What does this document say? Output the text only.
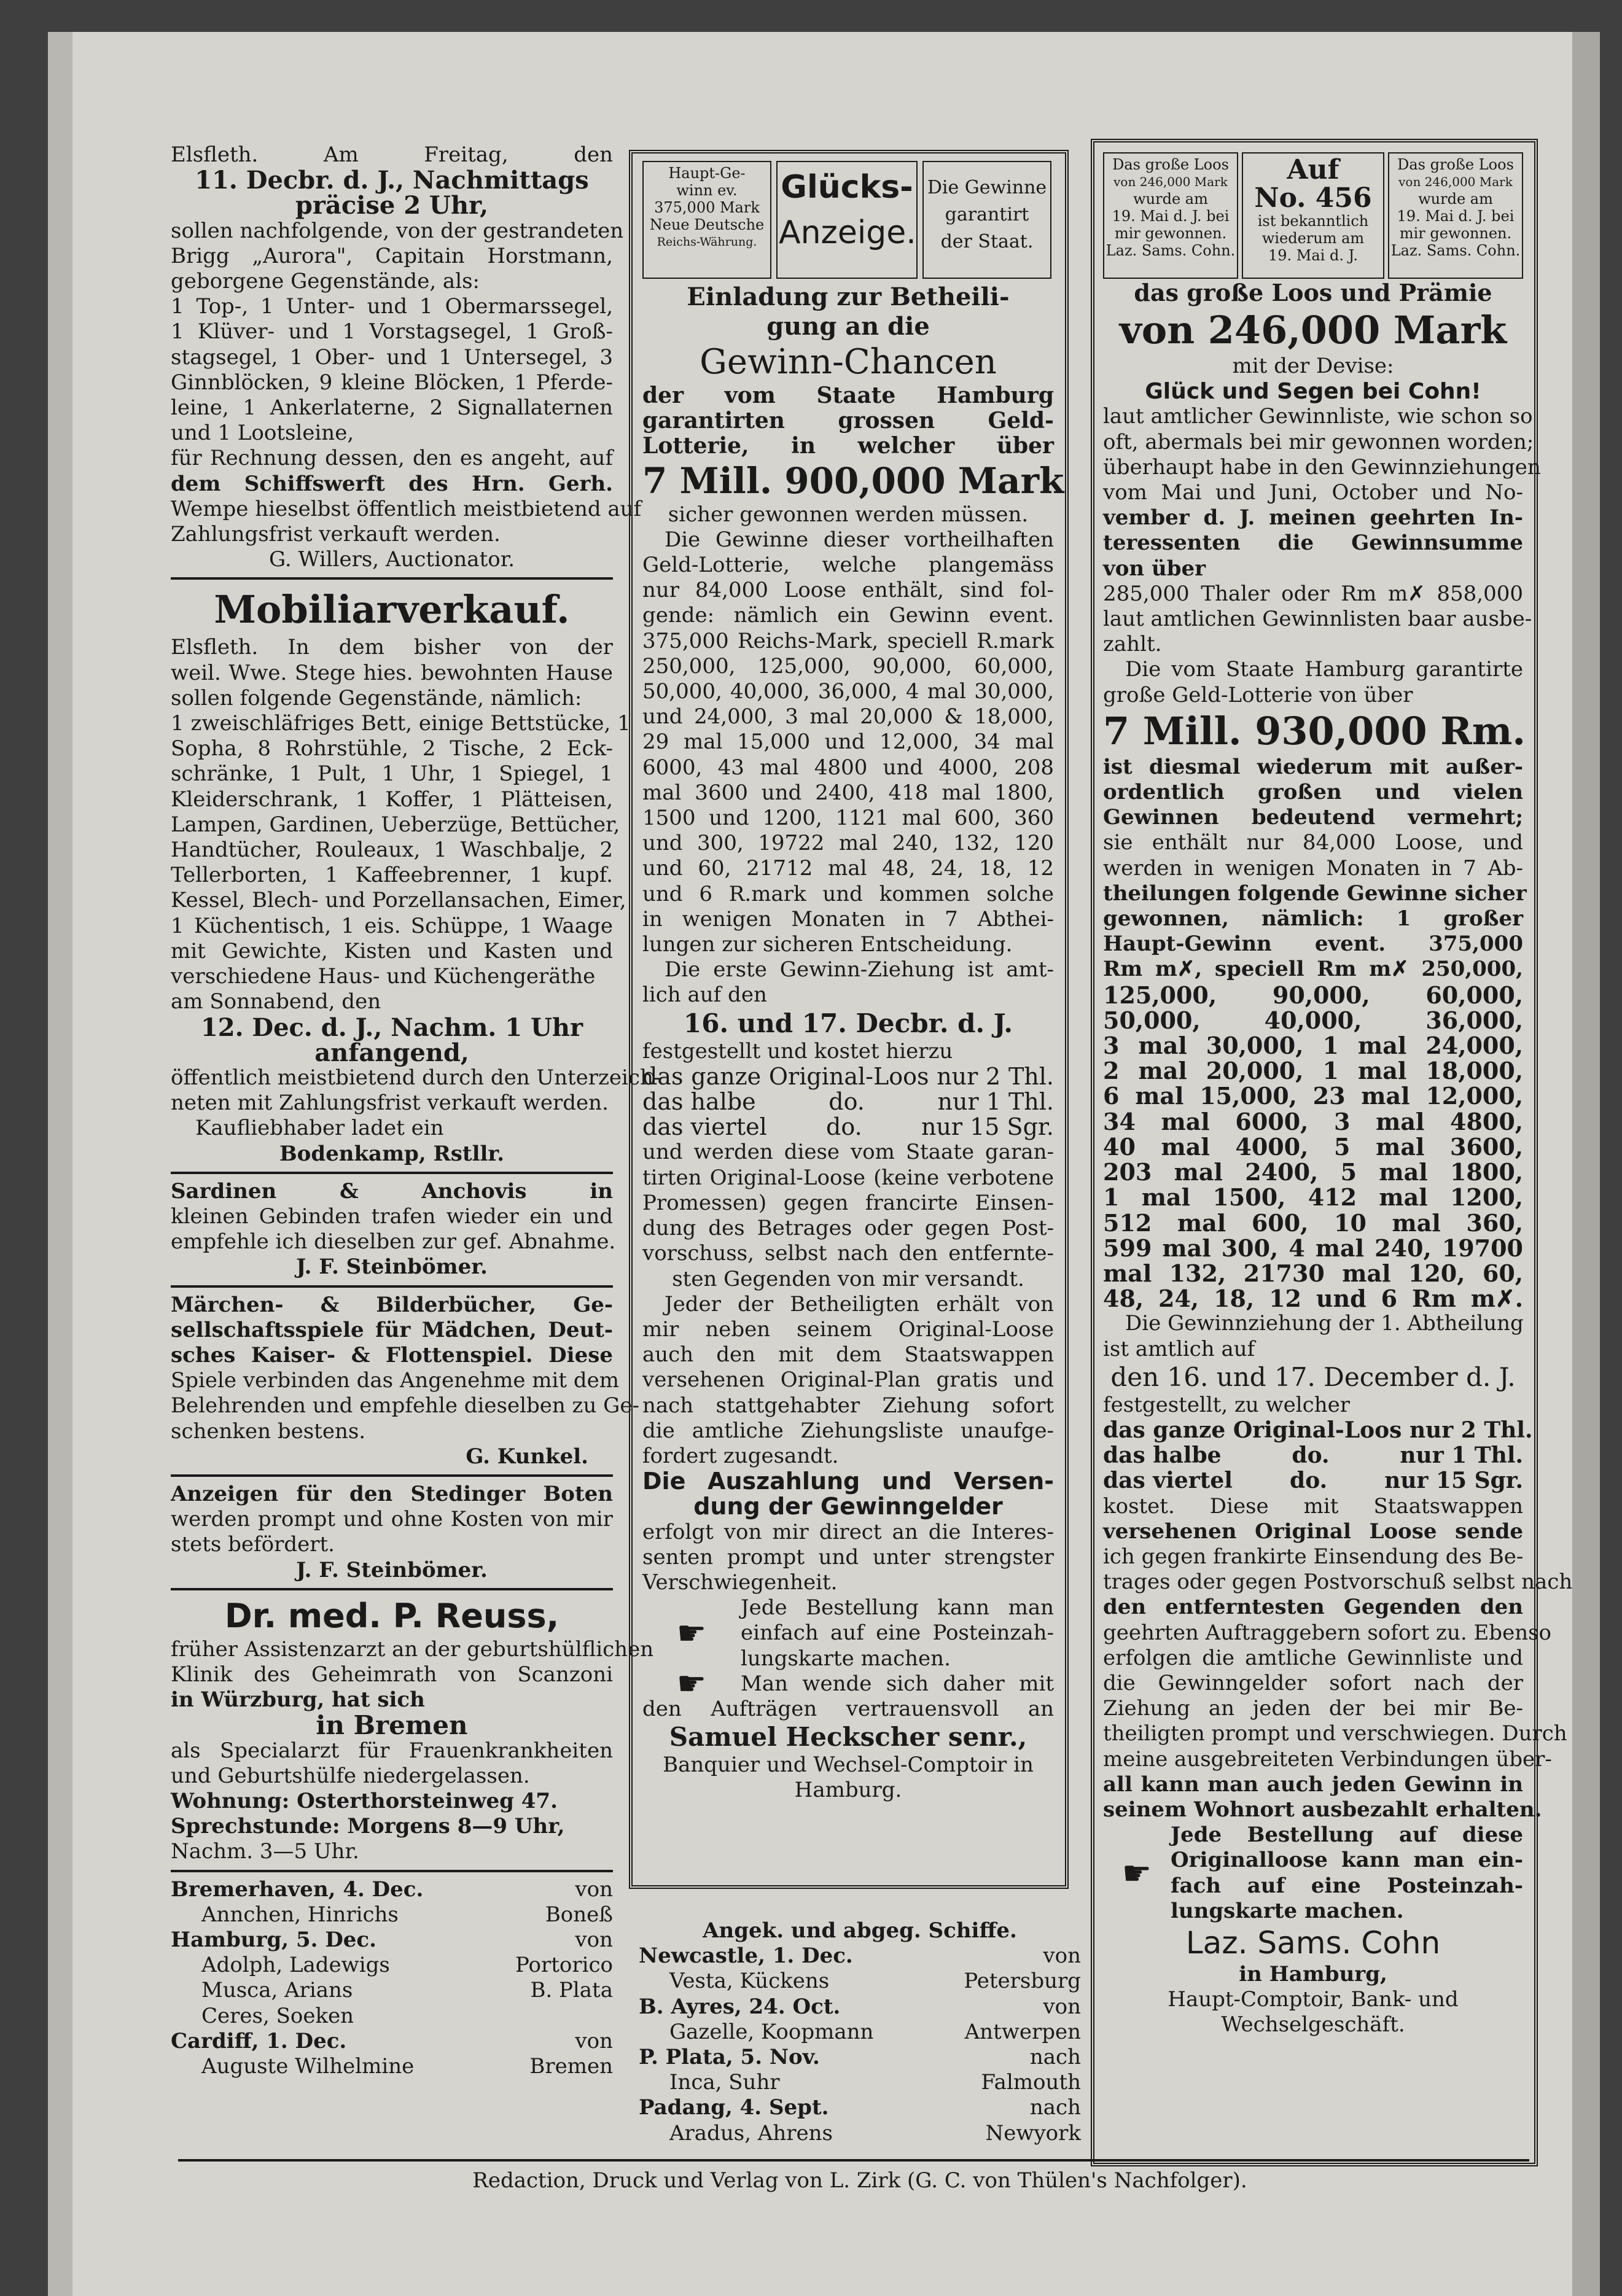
Elsfleth. Am Freitag, den
11. Decbr. d. J., Nachmittags
präcise 2 Uhr,
sollen nachfolgende, von der gestrandeten
Brigg „Aurora", Capitain Horstmann,
geborgene Gegenstände, als:
1 Top-, 1 Unter- und 1 Obermarssegel,
1 Klüver- und 1 Vorstagsegel, 1 Groß-
stagsegel, 1 Ober- und 1 Untersegel, 3
Ginnblöcken, 9 kleine Blöcken, 1 Pferde-
leine, 1 Ankerlaterne, 2 Signallaternen
und 1 Lootsleine,
für Rechnung dessen, den es angeht, auf
dem Schiffswerft des Hrn. Gerh.
Wempe hieselbst öffentlich meistbietend auf
Zahlungsfrist verkauft werden.
G. Willers, Auctionator.
Mobiliarverkauf.
Elsfleth. In dem bisher von der
weil. Wwe. Stege hies. bewohnten Hause
sollen folgende Gegenstände, nämlich:
1 zweischläfriges Bett, einige Bettstücke, 1
Sopha, 8 Rohrstühle, 2 Tische, 2 Eck-
schränke, 1 Pult, 1 Uhr, 1 Spiegel, 1
Kleiderschrank, 1 Koffer, 1 Plätteisen,
Lampen, Gardinen, Ueberzüge, Bettücher,
Handtücher, Rouleaux, 1 Waschbalje, 2
Tellerborten, 1 Kaffeebrenner, 1 kupf.
Kessel, Blech- und Porzellansachen, Eimer,
1 Küchentisch, 1 eis. Schüppe, 1 Waage
mit Gewichte, Kisten und Kasten und
verschiedene Haus- und Küchengeräthe
am Sonnabend, den
12. Dec. d. J., Nachm. 1 Uhr
anfangend,
öffentlich meistbietend durch den Unterzeich-
neten mit Zahlungsfrist verkauft werden.
Kaufliebhaber ladet ein
Bodenkamp, Rstllr.
Sardinen & Anchovis in
kleinen Gebinden trafen wieder ein und
empfehle ich dieselben zur gef. Abnahme.
J. F. Steinbömer.
Märchen- & Bilderbücher, Ge-
sellschaftsspiele für Mädchen, Deut-
sches Kaiser- & Flottenspiel. Diese
Spiele verbinden das Angenehme mit dem
Belehrenden und empfehle dieselben zu Ge-
schenken bestens.
G. Kunkel.
Anzeigen für den Stedinger Boten
werden prompt und ohne Kosten von mir
stets befördert.
J. F. Steinbömer.
Dr. med. P. Reuss,
früher Assistenzarzt an der geburtshülflichen
Klinik des Geheimrath von Scanzoni
in Würzburg, hat sich
in Bremen
als Specialarzt für Frauenkrankheiten
und Geburtshülfe niedergelassen.
Wohnung: Osterthorsteinweg 47.
Sprechstunde: Morgens 8—9 Uhr,
Nachm. 3—5 Uhr.
Bremerhaven, 4. Dec.	von
Annchen, Hinrichs	Boneß
Hamburg, 5. Dec.	von
Adolph, Ladewigs	Portorico
Musca, Arians	B. Plata
Ceres, Soeken
Cardiff, 1. Dec.	von
Auguste Wilhelmine	Bremen
Haupt-Ge-
winn ev.
375,000 Mark
Neue Deutsche
Reichs-Währung.
Glücks-
Anzeige.
Die Gewinne
garantirt
der Staat.
Einladung zur Betheili-
gung an die
Gewinn-Chancen
der vom Staate Hamburg
garantirten grossen Geld-
Lotterie, in welcher über
7 Mill. 900,000 Mark
sicher gewonnen werden müssen.
Die Gewinne dieser vortheilhaften
Geld-Lotterie, welche plangemäss
nur 84,000 Loose enthält, sind fol-
gende: nämlich ein Gewinn event.
375,000 Reichs-Mark, speciell R.mark
250,000, 125,000, 90,000, 60,000,
50,000, 40,000, 36,000, 4 mal 30,000,
und 24,000, 3 mal 20,000 & 18,000,
29 mal 15,000 und 12,000, 34 mal
6000, 43 mal 4800 und 4000, 208
mal 3600 und 2400, 418 mal 1800,
1500 und 1200, 1121 mal 600, 360
und 300, 19722 mal 240, 132, 120
und 60, 21712 mal 48, 24, 18, 12
und 6 R.mark und kommen solche
in wenigen Monaten in 7 Abthei-
lungen zur sicheren Entscheidung.
Die erste Gewinn-Ziehung ist amt-
lich auf den
16. und 17. Decbr. d. J.
festgestellt und kostet hierzu
das ganze Original-Loos nur 2 Thl.
das halbe	do.	nur 1 Thl.
das viertel	do.	nur 15 Sgr.
und werden diese vom Staate garan-
tirten Original-Loose (keine verbotene
Promessen) gegen francirte Einsen-
dung des Betrages oder gegen Post-
vorschuss, selbst nach den entfernte-
sten Gegenden von mir versandt.
Jeder der Betheiligten erhält von
mir neben seinem Original-Loose
auch den mit dem Staatswappen
versehenen Original-Plan gratis und
nach stattgehabter Ziehung sofort
die amtliche Ziehungsliste unaufge-
fordert zugesandt.
Die Auszahlung und Versen-
dung der Gewinngelder
erfolgt von mir direct an die Interes-
senten prompt und unter strengster
Verschwiegenheit.
☛
Jede Bestellung kann man
einfach auf eine Posteinzah-
lungskarte machen.
☛ Man wende sich daher mit
den Aufträgen vertrauensvoll an
Samuel Heckscher senr.,
Banquier und Wechsel-Comptoir in
Hamburg.
Angek. und abgeg. Schiffe.
Newcastle, 1. Dec.	von
Vesta, Kückens	Petersburg
B. Ayres, 24. Oct.	von
Gazelle, Koopmann	Antwerpen
P. Plata, 5. Nov.	nach
Inca, Suhr	Falmouth
Padang, 4. Sept.	nach
Aradus, Ahrens	Newyork
Das große Loos
von 246,000 Mark
wurde am
19. Mai d. J. bei
mir gewonnen.
Laz. Sams. Cohn.
Auf
No. 456
ist bekanntlich
wiederum am
19. Mai d. J.
Das große Loos
von 246,000 Mark
wurde am
19. Mai d. J. bei
mir gewonnen.
Laz. Sams. Cohn.
das große Loos und Prämie
von 246,000 Mark
mit der Devise:
Glück und Segen bei Cohn!
laut amtlicher Gewinnliste, wie schon so
oft, abermals bei mir gewonnen worden;
überhaupt habe in den Gewinnziehungen
vom Mai und Juni, October und No-
vember d. J. meinen geehrten In-
teressenten die Gewinnsumme
von über
285,000 Thaler oder Rm m✗ 858,000
laut amtlichen Gewinnlisten baar ausbe-
zahlt.
Die vom Staate Hamburg garantirte
große Geld-Lotterie von über
7 Mill. 930,000 Rm.
ist diesmal wiederum mit außer-
ordentlich großen und vielen
Gewinnen bedeutend vermehrt;
sie enthält nur 84,000 Loose, und
werden in wenigen Monaten in 7 Ab-
theilungen folgende Gewinne sicher
gewonnen, nämlich: 1 großer
Haupt-Gewinn event. 375,000
Rm m✗, speciell Rm m✗ 250,000,
125,000, 90,000, 60,000,
50,000, 40,000, 36,000,
3 mal 30,000, 1 mal 24,000,
2 mal 20,000, 1 mal 18,000,
6 mal 15,000, 23 mal 12,000,
34 mal 6000, 3 mal 4800,
40 mal 4000, 5 mal 3600,
203 mal 2400, 5 mal 1800,
1 mal 1500, 412 mal 1200,
512 mal 600, 10 mal 360,
599 mal 300, 4 mal 240, 19700
mal 132, 21730 mal 120, 60,
48, 24, 18, 12 und 6 Rm m✗.
Die Gewinnziehung der 1. Abtheilung
ist amtlich auf
den 16. und 17. December d. J.
festgestellt, zu welcher
das ganze Original-Loos nur 2 Thl.
das halbe	do.	nur 1 Thl.
das viertel	do.	nur 15 Sgr.
kostet. Diese mit Staatswappen
versehenen Original Loose sende
ich gegen frankirte Einsendung des Be-
trages oder gegen Postvorschuß selbst nach
den entferntesten Gegenden den
geehrten Auftraggebern sofort zu. Ebenso
erfolgen die amtliche Gewinnliste und
die Gewinngelder sofort nach der
Ziehung an jeden der bei mir Be-
theiligten prompt und verschwiegen. Durch
meine ausgebreiteten Verbindungen über-
all kann man auch jeden Gewinn in
seinem Wohnort ausbezahlt erhalten.
☛
Jede Bestellung auf diese
Originalloose kann man ein-
fach auf eine Posteinzah-
lungskarte machen.
Laz. Sams. Cohn
in Hamburg,
Haupt-Comptoir, Bank- und
Wechselgeschäft.
Redaction, Druck und Verlag von L. Zirk (G. C. von Thülen's Nachfolger).
